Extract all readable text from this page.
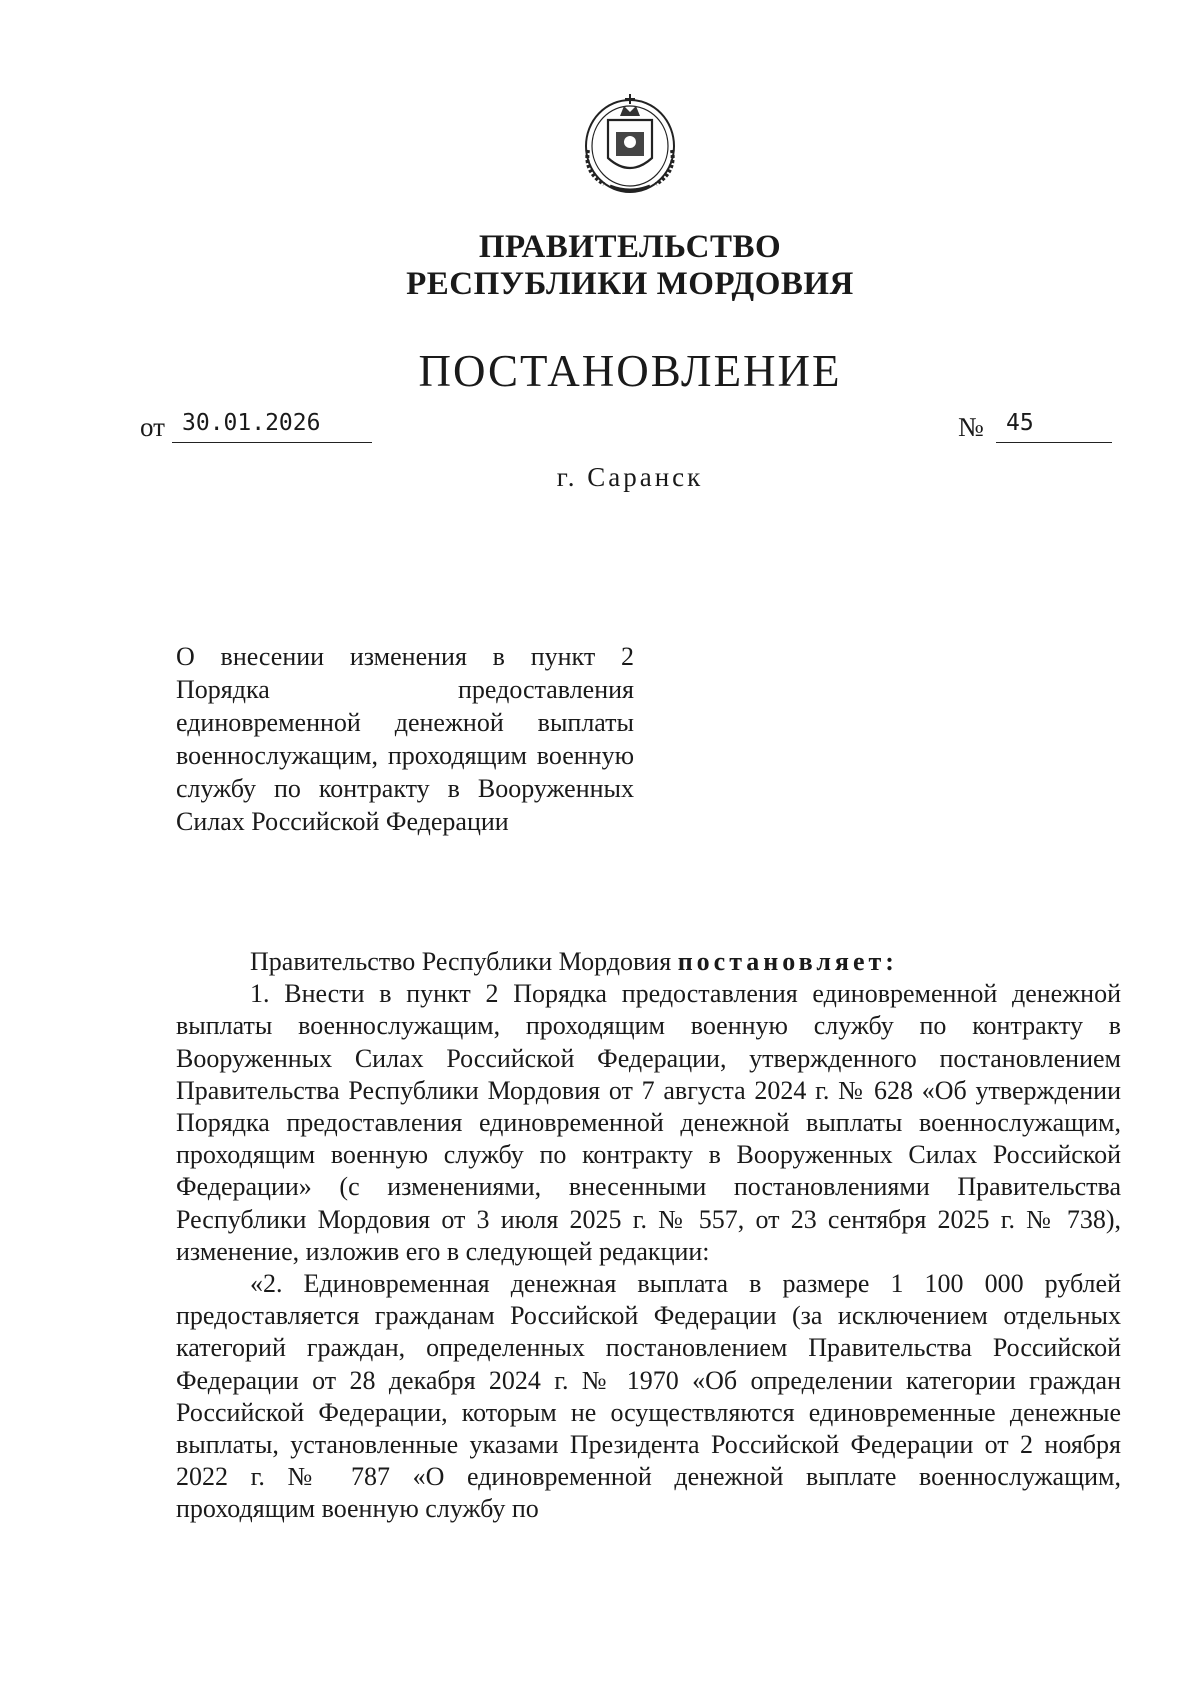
ПРАВИТЕЛЬСТВО
РЕСПУБЛИКИ МОРДОВИЯ
ПОСТАНОВЛЕНИЕ
от 30.01.2026	№ 45
г. Саранск
О внесении изменения в пункт 2 Порядка предоставления единовременной денежной выплаты военнослужащим, проходящим военную службу по контракту в Вооруженных Силах Российской Федерации

Правительство Республики Мордовия постановляет:

1. Внести в пункт 2 Порядка предоставления единовременной денежной выплаты военнослужащим, проходящим военную службу по контракту в Вооруженных Силах Российской Федерации, утвержденного постановлением Правительства Республики Мордовия от 7 августа 2024 г. № 628 «Об утверждении Порядка предоставления единовременной денежной выплаты военнослужащим, проходящим военную службу по контракту в Вооруженных Силах Российской Федерации» (с изменениями, внесенными постановлениями Правительства Республики Мордовия от 3 июля 2025 г. № 557, от 23 сентября 2025 г. № 738), изменение, изложив его в следующей редакции:

«2. Единовременная денежная выплата в размере 1 100 000 рублей предоставляется гражданам Российской Федерации (за исключением отдельных категорий граждан, определенных постановлением Правительства Российской Федерации от 28 декабря 2024 г. № 1970 «Об определении категории граждан Российской Федерации, которым не осуществляются единовременные денежные выплаты, установленные указами Президента Российской Федерации от 2 ноября 2022 г. № 787 «О единовременной денежной выплате военнослужащим, проходящим военную службу по
